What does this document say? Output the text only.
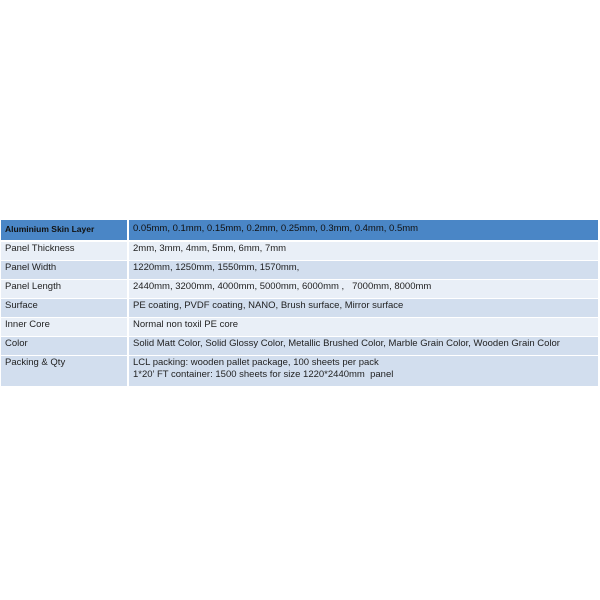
Aluminium Skin Layer	0.05mm, 0.1mm, 0.15mm, 0.2mm, 0.25mm, 0.3mm, 0.4mm, 0.5mm
Panel Thickness	2mm, 3mm, 4mm, 5mm, 6mm, 7mm
Panel Width	1220mm, 1250mm, 1550mm, 1570mm,
Panel Length	2440mm, 3200mm, 4000mm, 5000mm, 6000mm ,   7000mm, 8000mm
Surface	PE coating, PVDF coating, NANO, Brush surface, Mirror surface
Inner Core	Normal non toxil PE core
Color	Solid Matt Color, Solid Glossy Color, Metallic Brushed Color, Marble Grain Color, Wooden Grain Color
Packing & Qty	LCL packing: wooden pallet package, 100 sheets per pack
1*20’ FT container: 1500 sheets for size 1220*2440mm  panel
